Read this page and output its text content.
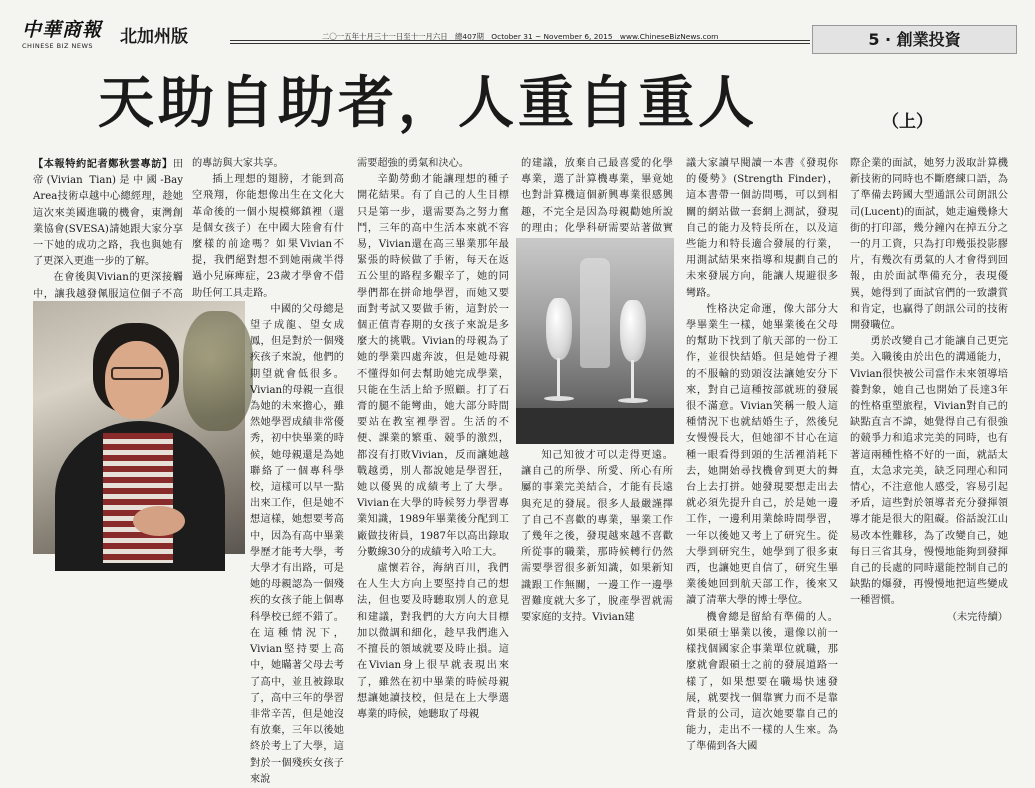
中華商報
CHINESE BIZ NEWS	北加州版	二〇一五年十月三十一日至十一月六日　總407期　October 31 ~ November 6, 2015　www.ChineseBizNews.com	5 · 創業投資
天助自助者，人重自重人	（上）

【本報特約記者鄭秋雲專訪】田帝(Vivian Tian)是中國-Bay Area技術卓越中心總經理，趁她這次來美國進職的機會，東灣創業協會(SVESA)請她跟大家分享一下她的成功之路，我也與她有了更深入更進一步的了解。

在會後與Vivian的更深接觸中，讓我越發佩服這位個子不高

的專訪與大家共享。

插上理想的翅膀，才能到高空飛翔，你能想像出生在文化大革命後的一個小規模鄉鎮裡（還是個女孩子）在中國大陸會有什麼樣的前途嗎？如果Vivian不提，我們絕對想不到她兩歲半得過小兒麻痺症，23歲才學會不借助任何工具走路。

中國的父母總是望子成龍、望女成鳳，但是對於一個殘疾孩子來說，他們的期望就會低很多。Vivian的母親一直很為她的未來擔心，雖然她學習成績非常優秀，初中快畢業的時候，她母親還是為她聯絡了一個專科學校，這樣可以早一點出來工作，但是她不想這樣，她想要考高中，因為有高中畢業學歷才能考大學，考大學才有出路，可是她的母親認為一個殘疾的女孩子能上個專科學校已經不錯了。在這種情況下，Vivian堅持要上高中，她瞞著父母去考了高中，並且被錄取了，高中三年的學習非常辛苦，但是她沒有放棄，三年以後她終於考上了大學，這對於一個殘疾女孩子來說

需要超強的勇氣和決心。

辛勤勞動才能讓理想的種子開花結果。有了自己的人生目標只是第一步，還需要為之努力奮鬥，三年的高中生活本來就不容易，Vivian還在高三畢業那年最緊張的時候做了手術，每天在返五公里的路程多艱辛了，她的同學們都在拼命地學習，而她又要面對考試又要做手術，這對於一個正值青春期的女孩子來說是多麼大的挑戰。Vivian的母親為了她的學業四處奔波，但是她母親不懂得如何去幫助她完成學業，只能在生活上給予照顧。打了石膏的腿不能彎曲，她大部分時間要站在教室裡學習。生活的不便、課業的繁重、競爭的激烈，都沒有打敗Vivian，反而讓她越戰越勇，別人都說她是學習狂，她以優異的成績考上了大學。Vivian在大學的時候努力學習專業知識，1989年畢業後分配到工廠做技術員，1987年以高出錄取分數線30分的成績考入哈工大。

虛懷若谷，海納百川，我們在人生大方向上要堅持自己的想法，但也要及時聽取別人的意見和建議，對我們的大方向大目標加以微調和細化，趁早我們進入不擅長的領域就要及時止損。這在Vivian身上很早就表現出來了，雖然在初中畢業的時候母親想讓她讀技校，但是在上大學選專業的時候，她聽取了母親

的建議，放棄自己最喜愛的化學專業，選了計算機專業，畢竟她也對計算機這個新興專業很感興趣，不完全是因為母親勸她所說的理由；化學科研需要站著做實

知己知彼才可以走得更遠。讓自己的所學、所愛、所心有所屬的事業完美結合，才能有長遠與充足的發展。很多人最嚴謹擇了自己不喜歡的專業，畢業工作了幾年之後，發現越來越不喜歡所從事的職業，那時候轉行仍然需要學習很多新知識，如果新知識跟工作無關，一邊工作一邊學習難度就大多了，脫產學習就需要家庭的支持。Vivian建

議大家讀早閱讀一本書《發現你的優勢》(Strength Finder)，這本書帶一個訪問嗎，可以到相關的網站做一套網上測試，發現自己的能力及特長所在，以及這些能力和特長適合發展的行業，用測試結果來指導和規劃自己的未來發展方向，能讓人規避很多彎路。

性格決定命運，像大部分大學畢業生一樣，她畢業後在父母的幫助下找到了航天部的一份工作，並很快結婚。但是她骨子裡的不服輸的勁頭沒法讓她安分下來，對自己這種按部就班的發展很不滿意。Vivian笑稱一般人這種情況下也就結婚生子，然後兒女慢慢長大，但她卻不甘心在這種一眼看得到頭的生活裡消耗下去，她開始尋找機會到更大的舞台上去打拼。她發現要想走出去就必須先提升自己，於是她一邊工作，一邊利用業餘時間學習，一年以後她又考上了研究生。從大學到研究生，她學到了很多東西，也讓她更自信了，研究生畢業後她回到航天部工作，後來又讀了清華大學的博士學位。

機會總是留給有準備的人。如果碩士畢業以後，還像以前一樣找個國家企事業單位就職，那麼就會跟碩士之前的發展道路一樣了，如果想要在職場快速發展，就要找一個靠實力而不是靠背景的公司，這次她要靠自己的能力，走出不一樣的人生來。為了準備到各大國

際企業的面試，她努力汲取計算機新技術的同時也不斷磨練口語，為了準備去跨國大型通訊公司朗訊公司(Lucent)的面試，她走遍幾條大街的打印部，幾分鐘內在掉五分之一的月工資，只為打印幾張投影膠片，有幾次有勇氣的人才會得到回報，由於面試準備充分，表現優異，她得到了面試官們的一致讚賞和肯定，也贏得了朗訊公司的技術開發職位。

勇於改變自己才能讓自己更完美。入職後由於出色的溝通能力，Vivian很快被公司當作未來領導培養對象，她自己也開始了長達3年的性格重塑旅程，Vivian對自己的缺點直言不諱，她覺得自己有很強的競爭力和追求完美的同時，也有著這兩種性格不好的一面，就話太直，太急求完美，缺乏同理心和同情心，不注意他人感受，容易引起矛盾，這些對於領導者充分發揮領導才能是很大的阻礙。俗話說江山易改本性難移，為了改變自己，她每日三省其身，慢慢地能夠到發揮自己的長處的同時還能控制自己的缺點的爆發，再慢慢地把這些變成一種習慣。

（未完待續）
